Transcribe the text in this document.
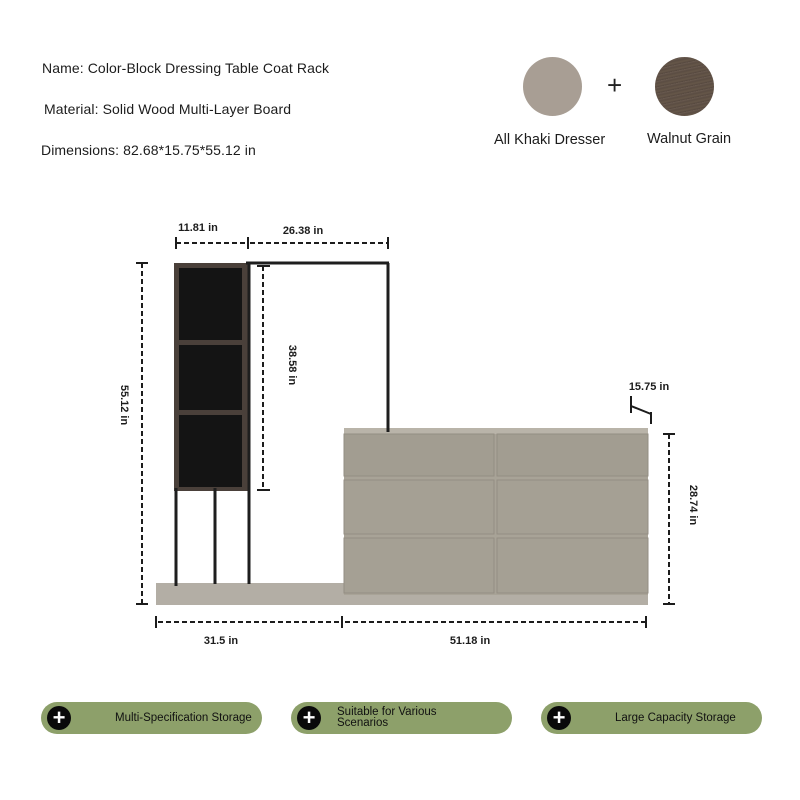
Name: Color-Block Dressing Table Coat Rack
Material: Solid Wood Multi-Layer Board
Dimensions: 82.68*15.75*55.12 in
+
All Khaki Dresser	Walnut Grain
11.81 in	26.38 in
55.12 in
38.58 in
15.75 in
28.74 in
31.5 in	51.18 in
+	Multi-Specification Storage +	Suitable for Various Scenarios	+	Large Capacity Storage
